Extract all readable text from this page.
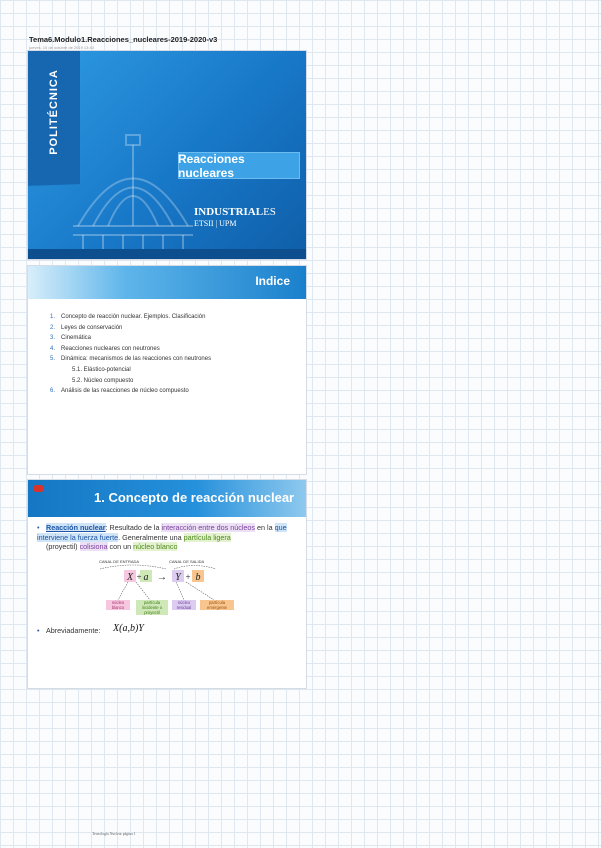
Tema6.Modulo1.Reacciones_nucleares-2019-2020-v3
jueves, 10 de octubre de 2019 13:43
POLITÉCNICA
Reacciones nucleares
INDUSTRIALES
ETSII | UPM
Indice
1. Concepto de reacción nuclear. Ejemplos. Clasificación
2. Leyes de conservación
3. Cinemática
4. Reacciones nucleares con neutrones
5. Dinámica: mecanismos de las reacciones con neutrones
5.1. Elástico-potencial
5.2. Núcleo compuesto
6. Análisis de las reacciones de núcleo compuesto
1. Concepto de reacción nuclear
• Reacción nuclear: Resultado de la interacción entre dos núcleos en la que interviene la fuerza fuerte. Generalmente una partícula ligera

(proyectil) colisiona con un núcleo blanco
CANAL DE ENTRADA	CANAL DE SALIDA
X + a → Y + b
núcleo blanco
partícula incidente o proyectil
núcleo residual
partícula emergente
• Abreviadamente: X(a,b)Y
Tecnología Nuclear página 1
